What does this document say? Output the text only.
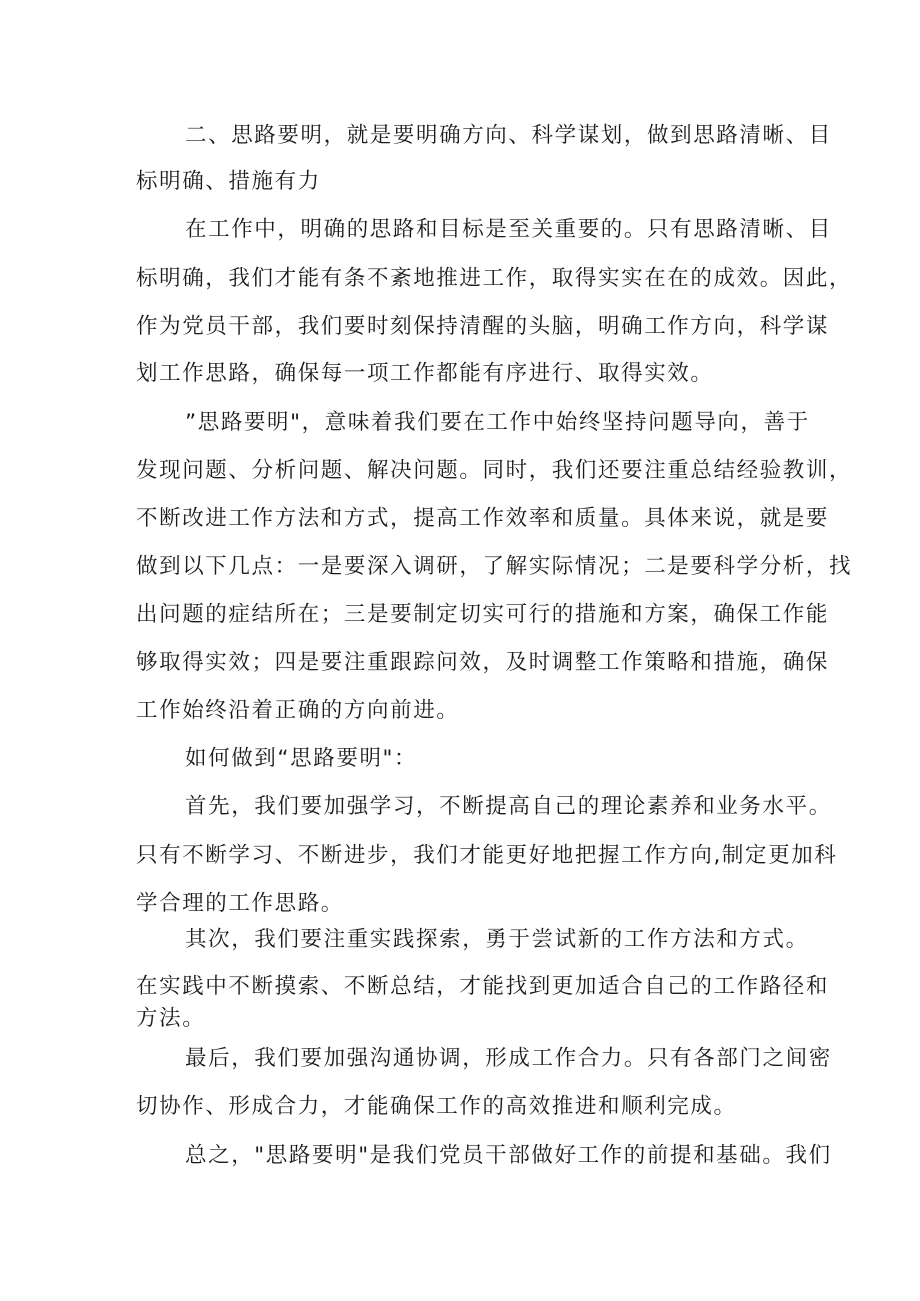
二、思路要明，就是要明确方向、科学谋划，做到思路清晰、目
标明确、措施有力
在工作中，明确的思路和目标是至关重要的。只有思路清晰、目
标明确，我们才能有条不紊地推进工作，取得实实在在的成效。因此，
作为党员干部，我们要时刻保持清醒的头脑，明确工作方向，科学谋
划工作思路，确保每一项工作都能有序进行、取得实效。
”思路要明"，意味着我们要在工作中始终坚持问题导向，善于
发现问题、分析问题、解决问题。同时，我们还要注重总结经验教训，
不断改进工作方法和方式，提高工作效率和质量。具体来说，就是要
做到以下几点：一是要深入调研，了解实际情况；二是要科学分析，找
出问题的症结所在；三是要制定切实可行的措施和方案，确保工作能
够取得实效；四是要注重跟踪问效，及时调整工作策略和措施，确保
工作始终沿着正确的方向前进。
如何做到“思路要明"：
首先，我们要加强学习，不断提高自己的理论素养和业务水平。
只有不断学习、不断进步，我们才能更好地把握工作方向,制定更加科
学合理的工作思路。
其次，我们要注重实践探索，勇于尝试新的工作方法和方式。
在实践中不断摸索、不断总结，才能找到更加适合自己的工作路径和
方法。
最后，我们要加强沟通协调，形成工作合力。只有各部门之间密
切协作、形成合力，才能确保工作的高效推进和顺利完成。
总之，"思路要明"是我们党员干部做好工作的前提和基础。我们
